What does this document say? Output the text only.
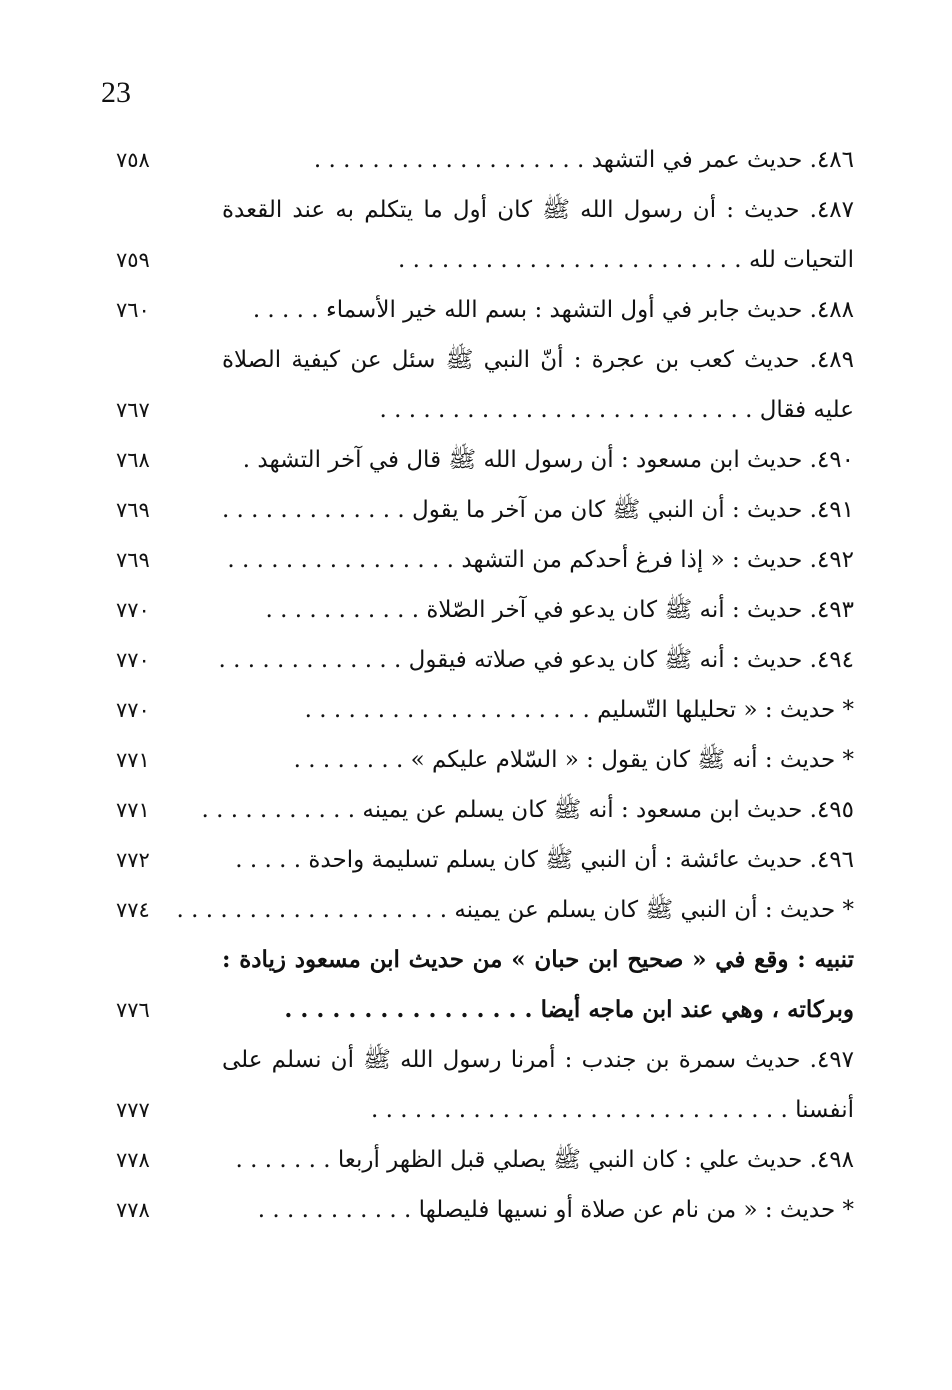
23
٤٨٦. حديث عمر في التشهد . . . . . . . . . . . . . . . . . . .
٧٥٨
٤٨٧. حديث : أن رسول الله ﷺ كان أول ما يتكلم به عند القعدة
التحيات لله . . . . . . . . . . . . . . . . . . . . . . . .
٧٥٩
٤٨٨. حديث جابر في أول التشهد : بسم الله خير الأسماء . . . . .
٧٦٠
٤٨٩. حديث كعب بن عجرة : أنّ النبي ﷺ سئل عن كيفية الصلاة
عليه فقال . . . . . . . . . . . . . . . . . . . . . . . . . .
٧٦٧
٤٩٠. حديث ابن مسعود : أن رسول الله ﷺ قال في آخر التشهد .
٧٦٨
٤٩١. حديث : أن النبي ﷺ كان من آخر ما يقول . . . . . . . . . . . . .
٧٦٩
٤٩٢. حديث : « إذا فرغ أحدكم من التشهد . . . . . . . . . . . . . . . .
٧٦٩
٤٩٣. حديث : أنه ﷺ كان يدعو في آخر الصّلاة . . . . . . . . . . .
٧٧٠
٤٩٤. حديث : أنه ﷺ كان يدعو في صلاته فيقول . . . . . . . . . . . . .
٧٧٠
* حديث : « تحليلها التّسليم . . . . . . . . . . . . . . . . . . . .
٧٧٠
* حديث : أنه ﷺ كان يقول : « السّلام عليكم » . . . . . . . .
٧٧١
٤٩٥. حديث ابن مسعود : أنه ﷺ كان يسلم عن يمينه . . . . . . . . . . .
٧٧١
٤٩٦. حديث عائشة : أن النبي ﷺ كان يسلم تسليمة واحدة . . . . .
٧٧٢
* حديث : أن النبي ﷺ كان يسلم عن يمينه . . . . . . . . . . . . . . . . . . .
٧٧٤
تنبيه : وقع في « صحيح ابن حبان » من حديث ابن مسعود زيادة :
وبركاته ، وهي عند ابن ماجه أيضا . . . . . . . . . . . . . . . .
٧٧٦
٤٩٧. حديث سمرة بن جندب : أمرنا رسول الله ﷺ أن نسلم على
أنفسنا . . . . . . . . . . . . . . . . . . . . . . . . . . . . .
٧٧٧
٤٩٨. حديث علي : كان النبي ﷺ يصلي قبل الظهر أربعا . . . . . . .
٧٧٨
* حديث : « من نام عن صلاة أو نسيها فليصلها . . . . . . . . . . .
٧٧٨
